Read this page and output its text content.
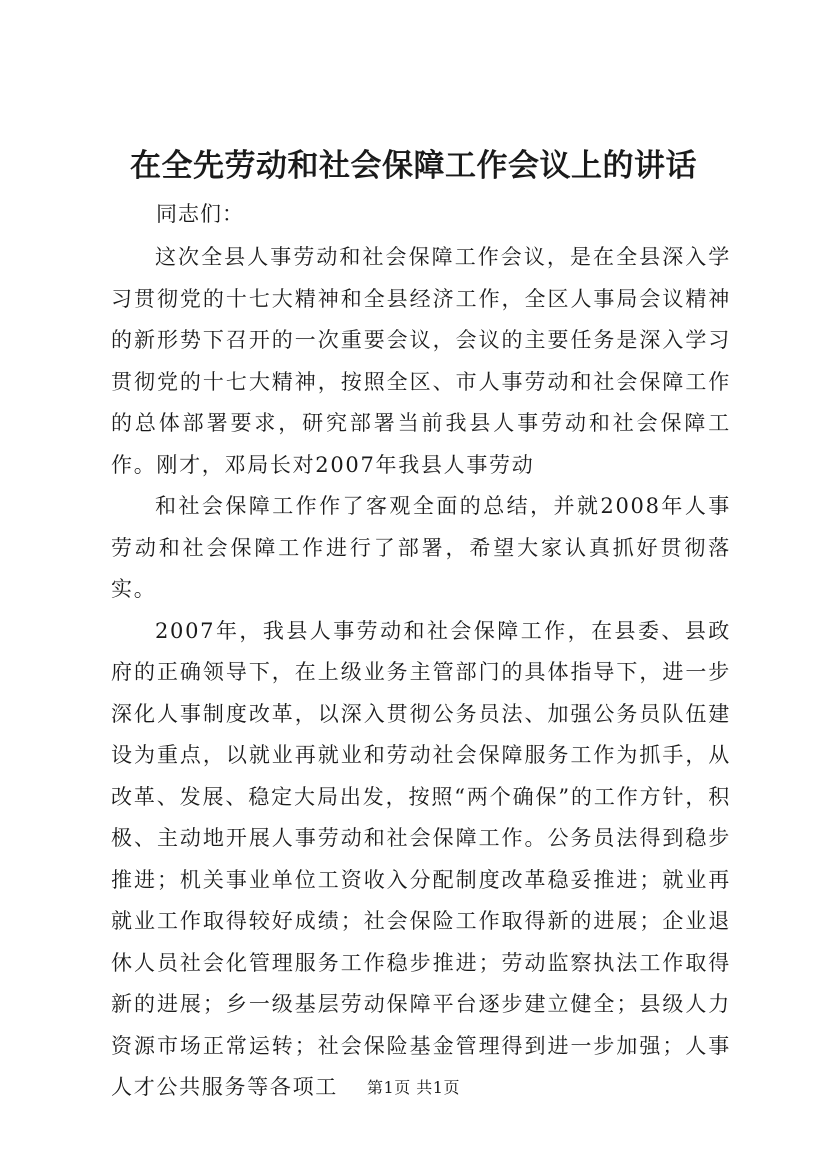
在全先劳动和社会保障工作会议上的讲话
同志们：

这次全县人事劳动和社会保障工作会议，是在全县深入学习贯彻党的十七大精神和全县经济工作，全区人事局会议精神的新形势下召开的一次重要会议，会议的主要任务是深入学习贯彻党的十七大精神，按照全区、市人事劳动和社会保障工作的总体部署要求，研究部署当前我县人事劳动和社会保障工作。刚才，邓局长对2007年我县人事劳动

和社会保障工作作了客观全面的总结，并就2008年人事劳动和社会保障工作进行了部署，希望大家认真抓好贯彻落实。

2007年，我县人事劳动和社会保障工作，在县委、县政府的正确领导下，在上级业务主管部门的具体指导下，进一步深化人事制度改革，以深入贯彻公务员法、加强公务员队伍建设为重点，以就业再就业和劳动社会保障服务工作为抓手，从改革、发展、稳定大局出发，按照“两个确保”的工作方针，积极、主动地开展人事劳动和社会保障工作。公务员法得到稳步推进；机关事业单位工资收入分配制度改革稳妥推进；就业再就业工作取得较好成绩；社会保险工作取得新的进展；企业退休人员社会化管理服务工作稳步推进；劳动监察执法工作取得新的进展；乡一级基层劳动保障平台逐步建立健全；县级人力资源市场正常运转；社会保险基金管理得到进一步加强；人事人才公共服务等各项工	第1页 共1页
